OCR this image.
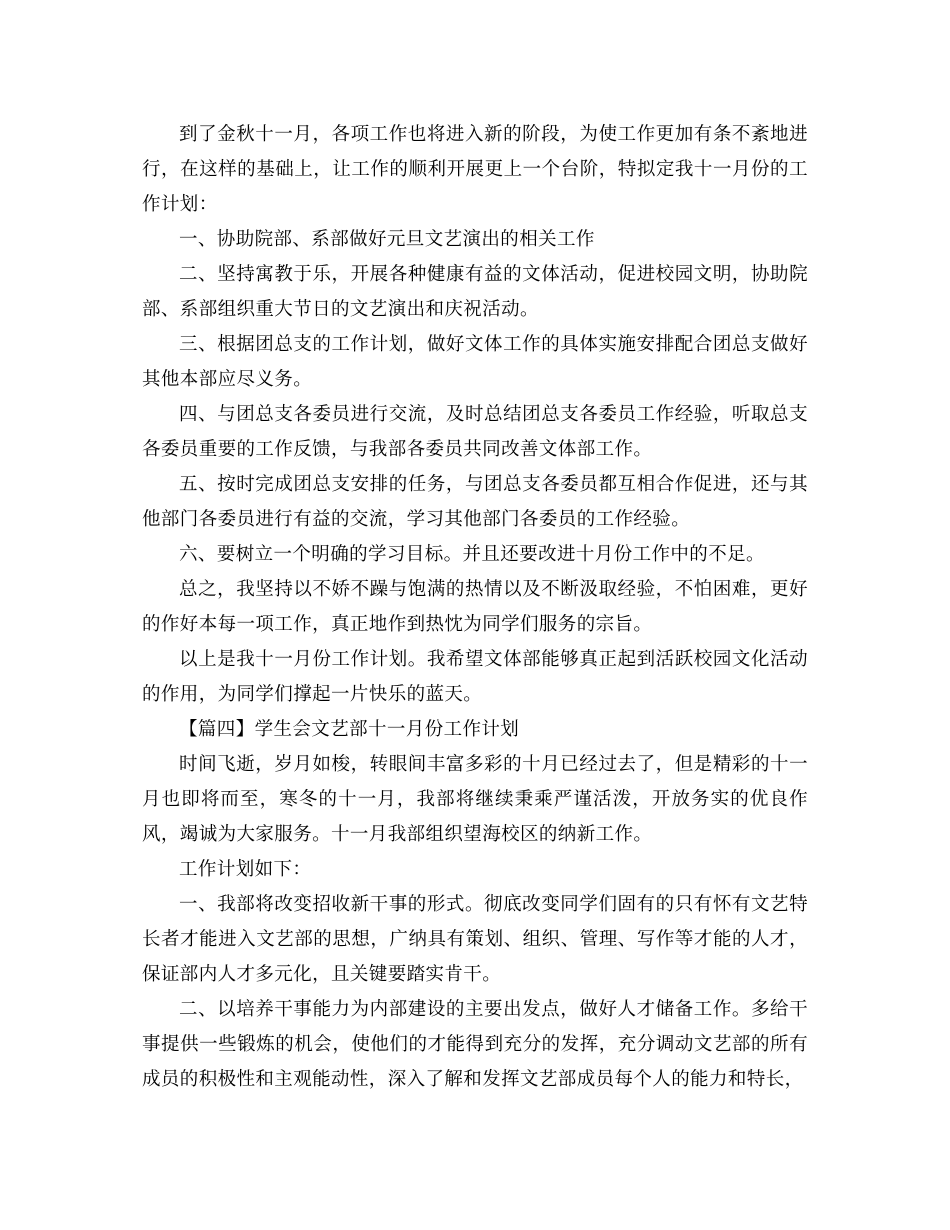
到了金秋十一月，各项工作也将进入新的阶段，为使工作更加有条不紊地进行，在这样的基础上，让工作的顺利开展更上一个台阶，特拟定我十一月份的工作计划：

一、协助院部、系部做好元旦文艺演出的相关工作

二、坚持寓教于乐，开展各种健康有益的文体活动，促进校园文明，协助院部、系部组织重大节日的文艺演出和庆祝活动。

三、根据团总支的工作计划，做好文体工作的具体实施安排配合团总支做好其他本部应尽义务。

四、与团总支各委员进行交流，及时总结团总支各委员工作经验，听取总支各委员重要的工作反馈，与我部各委员共同改善文体部工作。

五、按时完成团总支安排的任务，与团总支各委员都互相合作促进，还与其他部门各委员进行有益的交流，学习其他部门各委员的工作经验。

六、要树立一个明确的学习目标。并且还要改进十月份工作中的不足。

总之，我坚持以不娇不躁与饱满的热情以及不断汲取经验，不怕困难，更好的作好本每一项工作，真正地作到热忱为同学们服务的宗旨。

以上是我十一月份工作计划。我希望文体部能够真正起到活跃校园文化活动的作用，为同学们撑起一片快乐的蓝天。

【篇四】学生会文艺部十一月份工作计划

时间飞逝，岁月如梭，转眼间丰富多彩的十月已经过去了，但是精彩的十一月也即将而至，寒冬的十一月，我部将继续秉乘严谨活泼，开放务实的优良作风，竭诚为大家服务。十一月我部组织望海校区的纳新工作。

工作计划如下：

一、我部将改变招收新干事的形式。彻底改变同学们固有的只有怀有文艺特长者才能进入文艺部的思想，广纳具有策划、组织、管理、写作等才能的人才，保证部内人才多元化，且关键要踏实肯干。

二、以培养干事能力为内部建设的主要出发点，做好人才储备工作。多给干事提供一些锻炼的机会，使他们的才能得到充分的发挥，充分调动文艺部的所有成员的积极性和主观能动性，深入了解和发挥文艺部成员每个人的能力和特长，
